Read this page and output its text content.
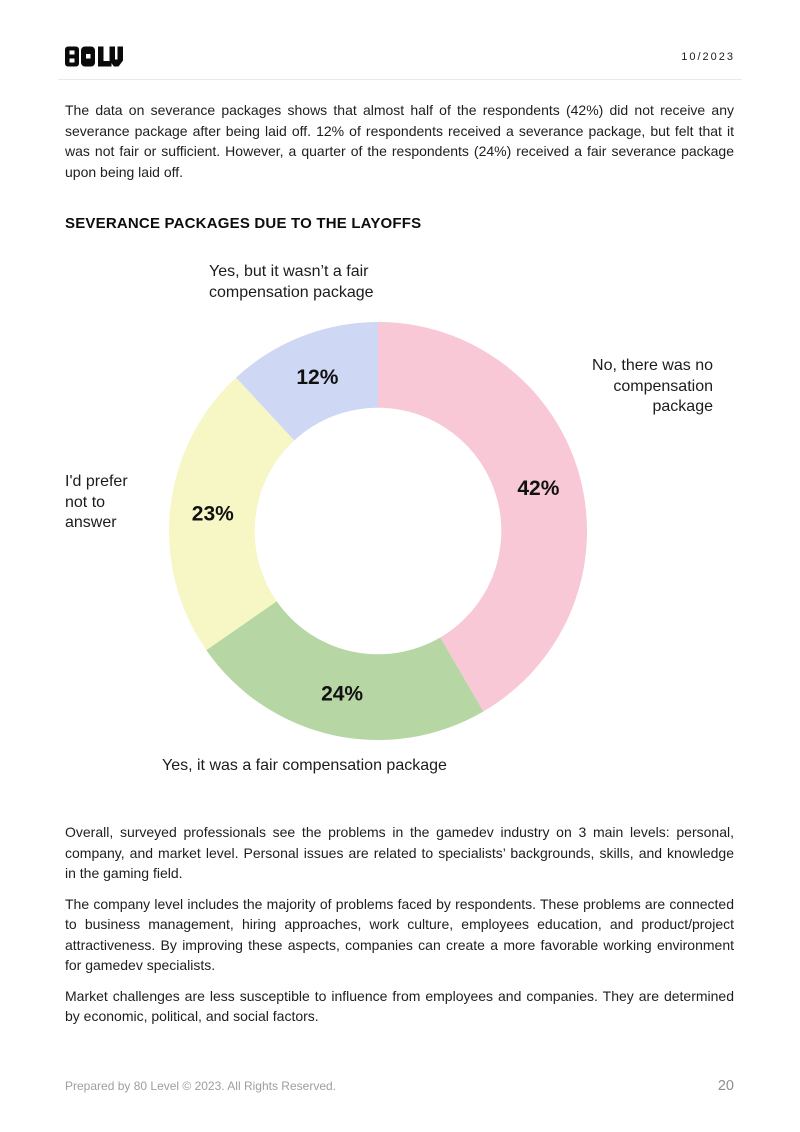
10/2023

The data on severance packages shows that almost half of the respondents (42%) did not receive any severance package after being laid off. 12% of respondents received a severance package, but felt that it was not fair or sufficient. However, a quarter of the respondents (24%) received a fair severance package upon being laid off.

SEVERANCE PACKAGES DUE TO THE LAYOFFS
Yes, but it wasn’t a fair compensation package
No, there was no compensation package
I'd prefer not to answer
Yes, it was a fair compensation package
42%
24%
23%
12%

Overall, surveyed professionals see the problems in the gamedev industry on 3 main levels: personal, company, and market level. Personal issues are related to specialists’ backgrounds, skills, and knowledge in the gaming field.

The company level includes the majority of problems faced by respondents. These problems are connected to business management, hiring approaches, work culture, employees education, and product/project attractiveness. By improving these aspects, companies can create a more favorable working environment for gamedev specialists.

Market challenges are less susceptible to influence from employees and companies. They are determined by economic, political, and social factors.

Prepared by 80 Level © 2023. All Rights Reserved.	20
